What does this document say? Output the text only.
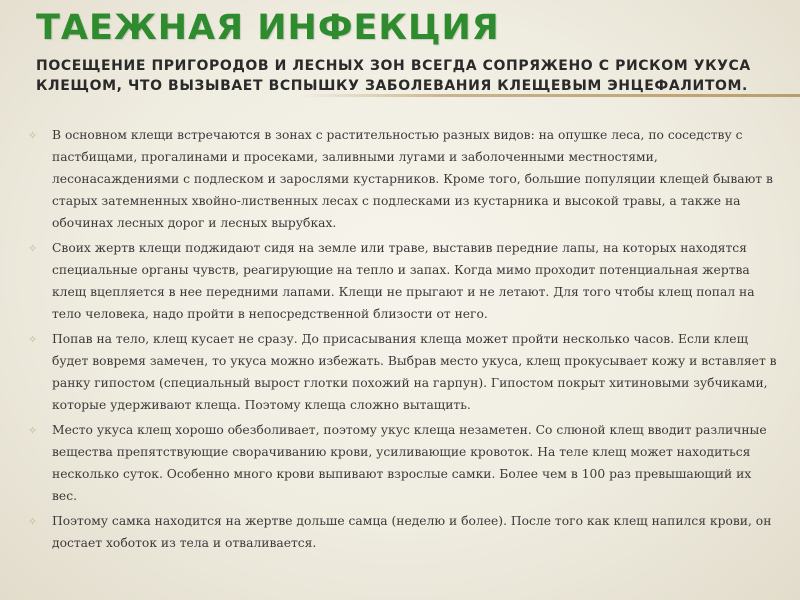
ТАЕЖНАЯ ИНФЕКЦИЯ
ПОСЕЩЕНИЕ ПРИГОРОДОВ И ЛЕСНЫХ ЗОН ВСЕГДА СОПРЯЖЕНО С РИСКОМ УКУСА КЛЕЩОМ, ЧТО ВЫЗЫВАЕТ ВСПЫШКУ ЗАБОЛЕВАНИЯ КЛЕЩЕВЫМ ЭНЦЕФАЛИТОМ.
✧ В основном клещи встречаются в зонах с растительностью разных видов: на опушке леса, по соседству с пастбищами, прогалинами и просеками, заливными лугами и заболоченными местностями, лесонасаждениями с подлеском и зарослями кустарников. Кроме того, большие популяции клещей бывают в старых затемненных хвойно-лиственных лесах с подлесками из кустарника и высокой травы, а также на обочинах лесных дорог и лесных вырубках.
✧ Своих жертв клещи поджидают сидя на земле или траве, выставив передние лапы, на которых находятся специальные органы чувств, реагирующие на тепло и запах. Когда мимо проходит потенциальная жертва клещ вцепляется в нее передними лапами. Клещи не прыгают и не летают. Для того чтобы клещ попал на тело человека, надо пройти в непосредственной близости от него.
✧ Попав на тело, клещ кусает не сразу. До присасывания клеща может пройти несколько часов. Если клещ будет вовремя замечен, то укуса можно избежать. Выбрав место укуса, клещ прокусывает кожу и вставляет в ранку гипостом (специальный вырост глотки похожий на гарпун). Гипостом покрыт хитиновыми зубчиками, которые удерживают клеща. Поэтому клеща сложно вытащить.
✧ Место укуса клещ хорошо обезболивает, поэтому укус клеща незаметен. Со слюной клещ вводит различные вещества препятствующие сворачиванию крови, усиливающие кровоток. На теле клещ может находиться несколько суток. Особенно много крови выпивают взрослые самки. Более чем в 100 раз превышающий их вес.
✧ Поэтому самка находится на жертве дольше самца (неделю и более). После того как клещ напился крови, он достает хоботок из тела и отваливается.
